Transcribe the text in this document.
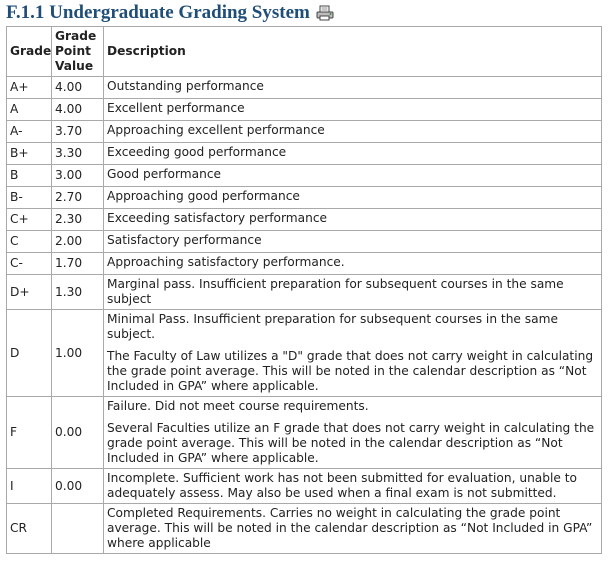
F.1.1 Undergraduate Grading System
Grade	Grade Point Value	Description
A+	4.00	Outstanding performance

A	4.00	Excellent performance

A-	3.70	Approaching excellent performance

B+	3.30	Exceeding good performance

B	3.00	Good performance

B-	2.70	Approaching good performance

C+	2.30	Exceeding satisfactory performance

C	2.00	Satisfactory performance

C-	1.70	Approaching satisfactory performance.

D+	1.30	Marginal pass. Insufficient preparation for subsequent courses in the same subject

D	1.00	Minimal Pass. Insufficient preparation for subsequent courses in the same subject.

The Faculty of Law utilizes a "D" grade that does not carry weight in calculating the grade point average. This will be noted in the calendar description as “Not Included in GPA” where applicable.

F	0.00	Failure. Did not meet course requirements.

Several Faculties utilize an F grade that does not carry weight in calculating the grade point average. This will be noted in the calendar description as “Not Included in GPA” where applicable.

I	0.00	Incomplete. Sufficient work has not been submitted for evaluation, unable to adequately assess. May also be used when a final exam is not submitted.

CR		Completed Requirements. Carries no weight in calculating the grade point average. This will be noted in the calendar description as “Not Included in GPA” where applicable
